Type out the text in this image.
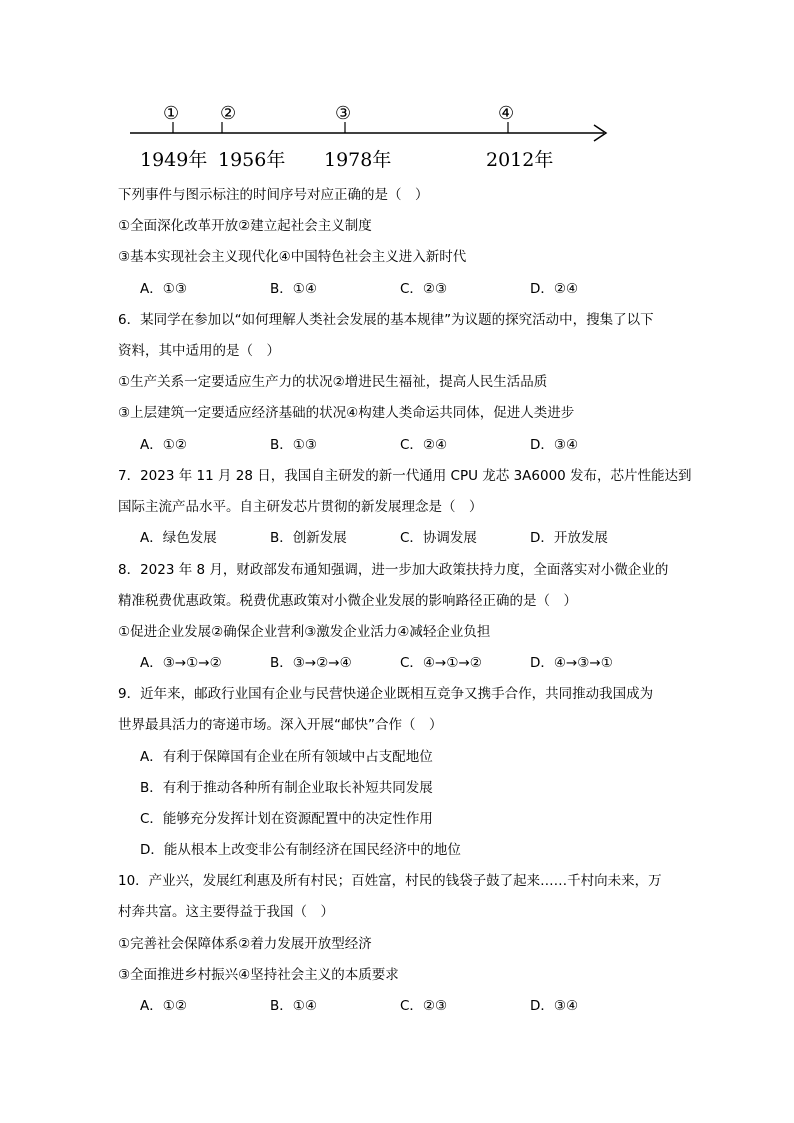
① ②	③	④
1949年 1956年 1978年	2012年
下列事件与图示标注的时间序号对应正确的是（　）
①全面深化改革开放②建立起社会主义制度
③基本实现社会主义现代化④中国特色社会主义进入新时代
A．①③	B．①④	C．②③	D．②④
6．某同学在参加以“如何理解人类社会发展的基本规律”为议题的探究活动中，搜集了以下
资料，其中适用的是（　）
①生产关系一定要适应生产力的状况②增进民生福祉，提高人民生活品质
③上层建筑一定要适应经济基础的状况④构建人类命运共同体，促进人类进步
A．①②	B．①③	C．②④	D．③④
7．2023 年 11 月 28 日，我国自主研发的新一代通用 CPU 龙芯 3A6000 发布，芯片性能达到
国际主流产品水平。自主研发芯片贯彻的新发展理念是（　）
A．绿色发展	B．创新发展	C．协调发展	D．开放发展
8．2023 年 8 月，财政部发布通知强调，进一步加大政策扶持力度，全面落实对小微企业的
精准税费优惠政策。税费优惠政策对小微企业发展的影响路径正确的是（　）
①促进企业发展②确保企业营利③激发企业活力④减轻企业负担
A．③→①→②	B．③→②→④	C．④→①→②	D．④→③→①
9．近年来，邮政行业国有企业与民营快递企业既相互竞争又携手合作，共同推动我国成为
世界最具活力的寄递市场。深入开展“邮快”合作（　）
A．有利于保障国有企业在所有领域中占支配地位
B．有利于推动各种所有制企业取长补短共同发展
C．能够充分发挥计划在资源配置中的决定性作用
D．能从根本上改变非公有制经济在国民经济中的地位
10．产业兴，发展红利惠及所有村民；百姓富，村民的钱袋子鼓了起来……千村向未来，万
村奔共富。这主要得益于我国（　）
①完善社会保障体系②着力发展开放型经济
③全面推进乡村振兴④坚持社会主义的本质要求
A．①②	B．①④	C．②③	D．③④
